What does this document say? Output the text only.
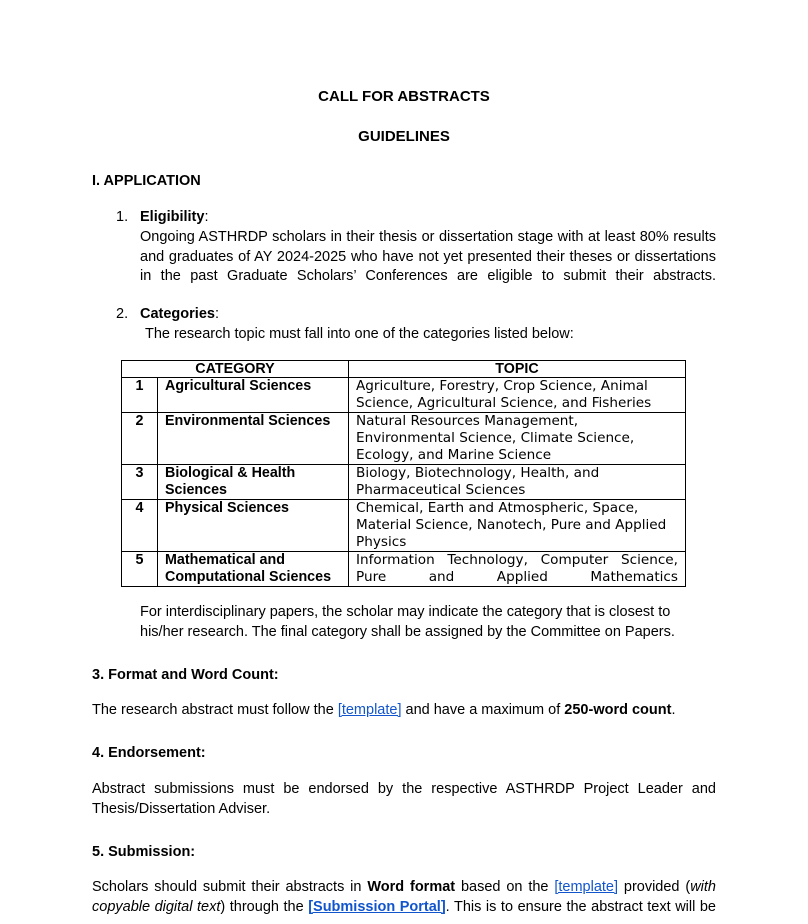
CALL FOR ABSTRACTS
GUIDELINES
I. APPLICATION
1. Eligibility:
Ongoing ASTHRDP scholars in their thesis or dissertation stage with at least 80% results and graduates of AY 2024-2025 who have not yet presented their theses or dissertations in the past Graduate Scholars’ Conferences are eligible to submit their abstracts.
2. Categories:
The research topic must fall into one of the categories listed below:
CATEGORY		TOPIC
1	Agricultural Sciences	Agriculture, Forestry, Crop Science, Animal Science, Agricultural Science, and Fisheries
2	Environmental Sciences	Natural Resources Management, Environmental Science, Climate Science, Ecology, and Marine Science
3	Biological & Health Sciences	Biology, Biotechnology, Health, and Pharmaceutical Sciences
4	Physical Sciences	Chemical, Earth and Atmospheric, Space, Material Science, Nanotech, Pure and Applied Physics
5	Mathematical and Computational Sciences	Information Technology, Computer Science, Pure and Applied Mathematics
For interdisciplinary papers, the scholar may indicate the category that is closest to his/her research. The final category shall be assigned by the Committee on Papers.
3. Format and Word Count:
The research abstract must follow the [template] and have a maximum of 250-word count.
4. Endorsement:
Abstract submissions must be endorsed by the respective ASTHRDP Project Leader and Thesis/Dissertation Adviser.
5. Submission:
Scholars should submit their abstracts in Word format based on the [template] provided (with copyable digital text) through the [Submission Portal]. This is to ensure the abstract text will be
